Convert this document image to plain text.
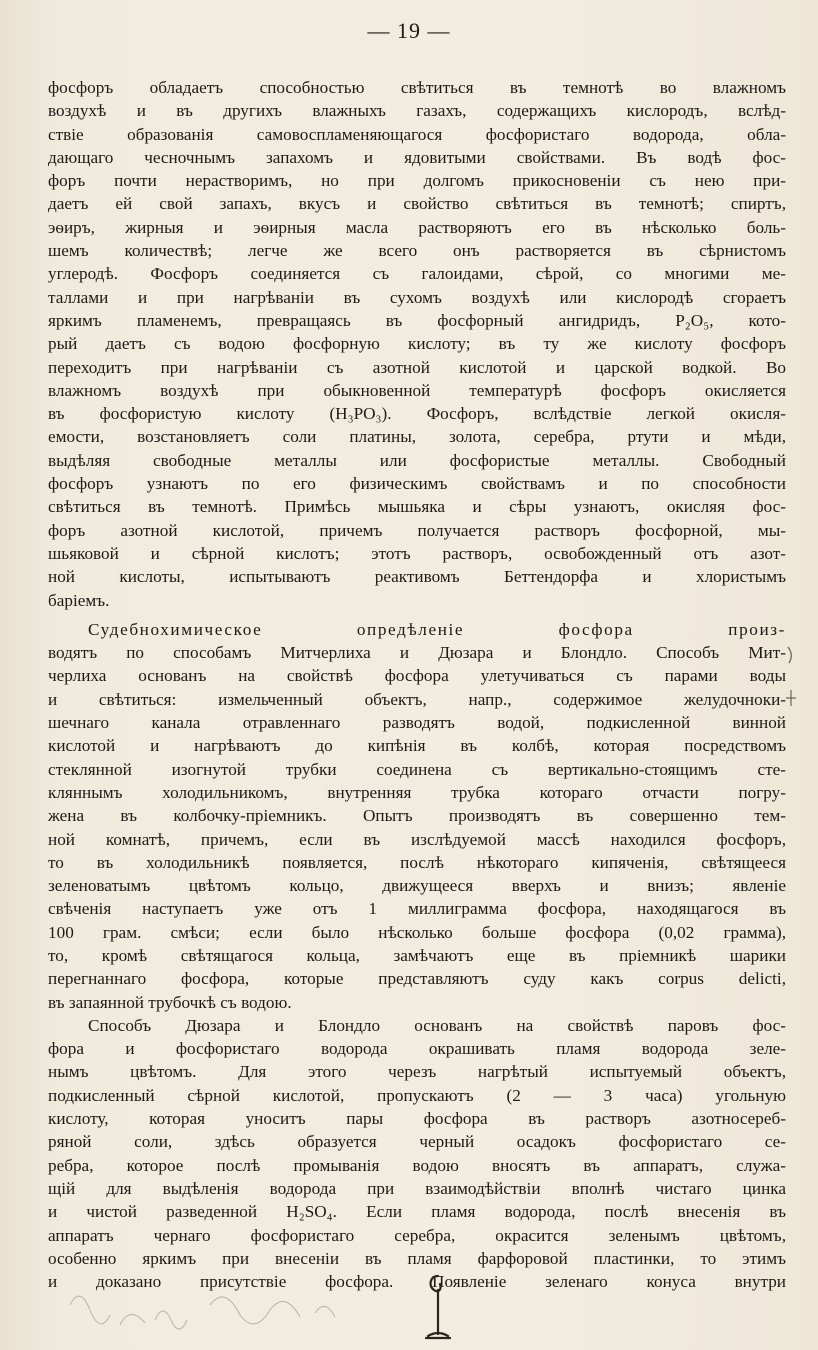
— 19 —
фосфоръ обладаетъ способностью свѣтиться въ темнотѣ во влажномъ
воздухѣ и въ другихъ влажныхъ газахъ, содержащихъ кислородъ, вслѣд-
ствіе образованія самовоспламеняющагося фосфористаго водорода, обла-
дающаго чесночнымъ запахомъ и ядовитыми свойствами. Въ водѣ фос-
форъ почти нерастворимъ, но при долгомъ прикосновеніи съ нею при-
даетъ ей свой запахъ, вкусъ и свойство свѣтиться въ темнотѣ; спиртъ,
эѳиръ, жирныя и эѳирныя масла растворяютъ его въ нѣсколько боль-
шемъ количествѣ; легче же всего онъ растворяется въ сѣрнистомъ
углеродѣ. Фосфоръ соединяется съ галоидами, сѣрой, со многими ме-
таллами и при нагрѣваніи въ сухомъ воздухѣ или кислородѣ сгораетъ
яркимъ пламенемъ, превращаясь въ фосфорный ангидридъ, P₂O₅, кото-
рый даетъ съ водою фосфорную кислоту; въ ту же кислоту фосфоръ
переходитъ при нагрѣваніи съ азотной кислотой и царской водкой. Во
влажномъ воздухѣ при обыкновенной температурѣ фосфоръ окисляется
въ фосфористую кислоту (H₃PO₃). Фосфоръ, вслѣдствіе легкой окисля-
емости, возстановляетъ соли платины, золота, серебра, ртути и мѣди,
выдѣляя свободные металлы или фосфористые металлы. Свободный
фосфоръ узнаютъ по его физическимъ свойствамъ и по способности
свѣтиться въ темнотѣ. Примѣсь мышьяка и сѣры узнаютъ, окисляя фос-
форъ азотной кислотой, причемъ получается растворъ фосфорной, мы-
шьяковой и сѣрной кислотъ; этотъ растворъ, освобожденный отъ азот-
ной кислоты, испытываютъ реактивомъ Беттендорфа и хлористымъ
баріемъ.
Судебнохимическое опредѣленіе фосфора произ-
водятъ по способамъ Митчерлиха и Дюзара и Блондло. Способъ Мит-
черлиха основанъ на свойствѣ фосфора улетучиваться съ парами воды
и свѣтиться: измельченный объектъ, напр., содержимое желудочноки-
шечнаго канала отравленнаго разводятъ водой, подкисленной винной
кислотой и нагрѣваютъ до кипѣнія въ колбѣ, которая посредствомъ
стеклянной изогнутой трубки соединена съ вертикально-стоящимъ сте-
кляннымъ холодильникомъ, внутренняя трубка котораго отчасти погру-
жена въ колбочку-пріемникъ. Опытъ производятъ въ совершенно тем-
ной комнатѣ, причемъ, если въ изслѣдуемой массѣ находился фосфоръ,
то въ холодильникѣ появляется, послѣ нѣкотораго кипяченія, свѣтящееся
зеленоватымъ цвѣтомъ кольцо, движущееся вверхъ и внизъ; явленіе
свѣченія наступаетъ уже отъ 1 миллиграмма фосфора, находящагося въ
100 грам. смѣси; если было нѣсколько больше фосфора (0,02 грамма),
то, кромѣ свѣтящагося кольца, замѣчаютъ еще въ пріемникѣ шарики
перегнаннаго фосфора, которые представляютъ суду какъ corpus delicti,
въ запаянной трубочкѣ съ водою.
Способъ Дюзара и Блондло основанъ на свойствѣ паровъ фос-
фора и фосфористаго водорода окрашивать пламя водорода зеле-
нымъ цвѣтомъ. Для этого черезъ нагрѣтый испытуемый объектъ,
подкисленный сѣрной кислотой, пропускаютъ (2 — 3 часа) угольную
кислоту, которая уноситъ пары фосфора въ растворъ азотносереб-
ряной соли, здѣсь образуется черный осадокъ фосфористаго се-
ребра, которое послѣ промыванія водою вносятъ въ аппаратъ, служа-
щій для выдѣленія водорода при взаимодѣйствіи вполнѣ чистаго цинка
и чистой разведенной H₂SO₄. Если пламя водорода, послѣ внесенія въ
аппаратъ чернаго фосфористаго серебра, окрасится зеленымъ цвѣтомъ,
особенно яркимъ при внесеніи въ пламя фарфоровой пластинки, то этимъ
и доказано присутствіе фосфора. Появленіе зеленаго конуса внутри
